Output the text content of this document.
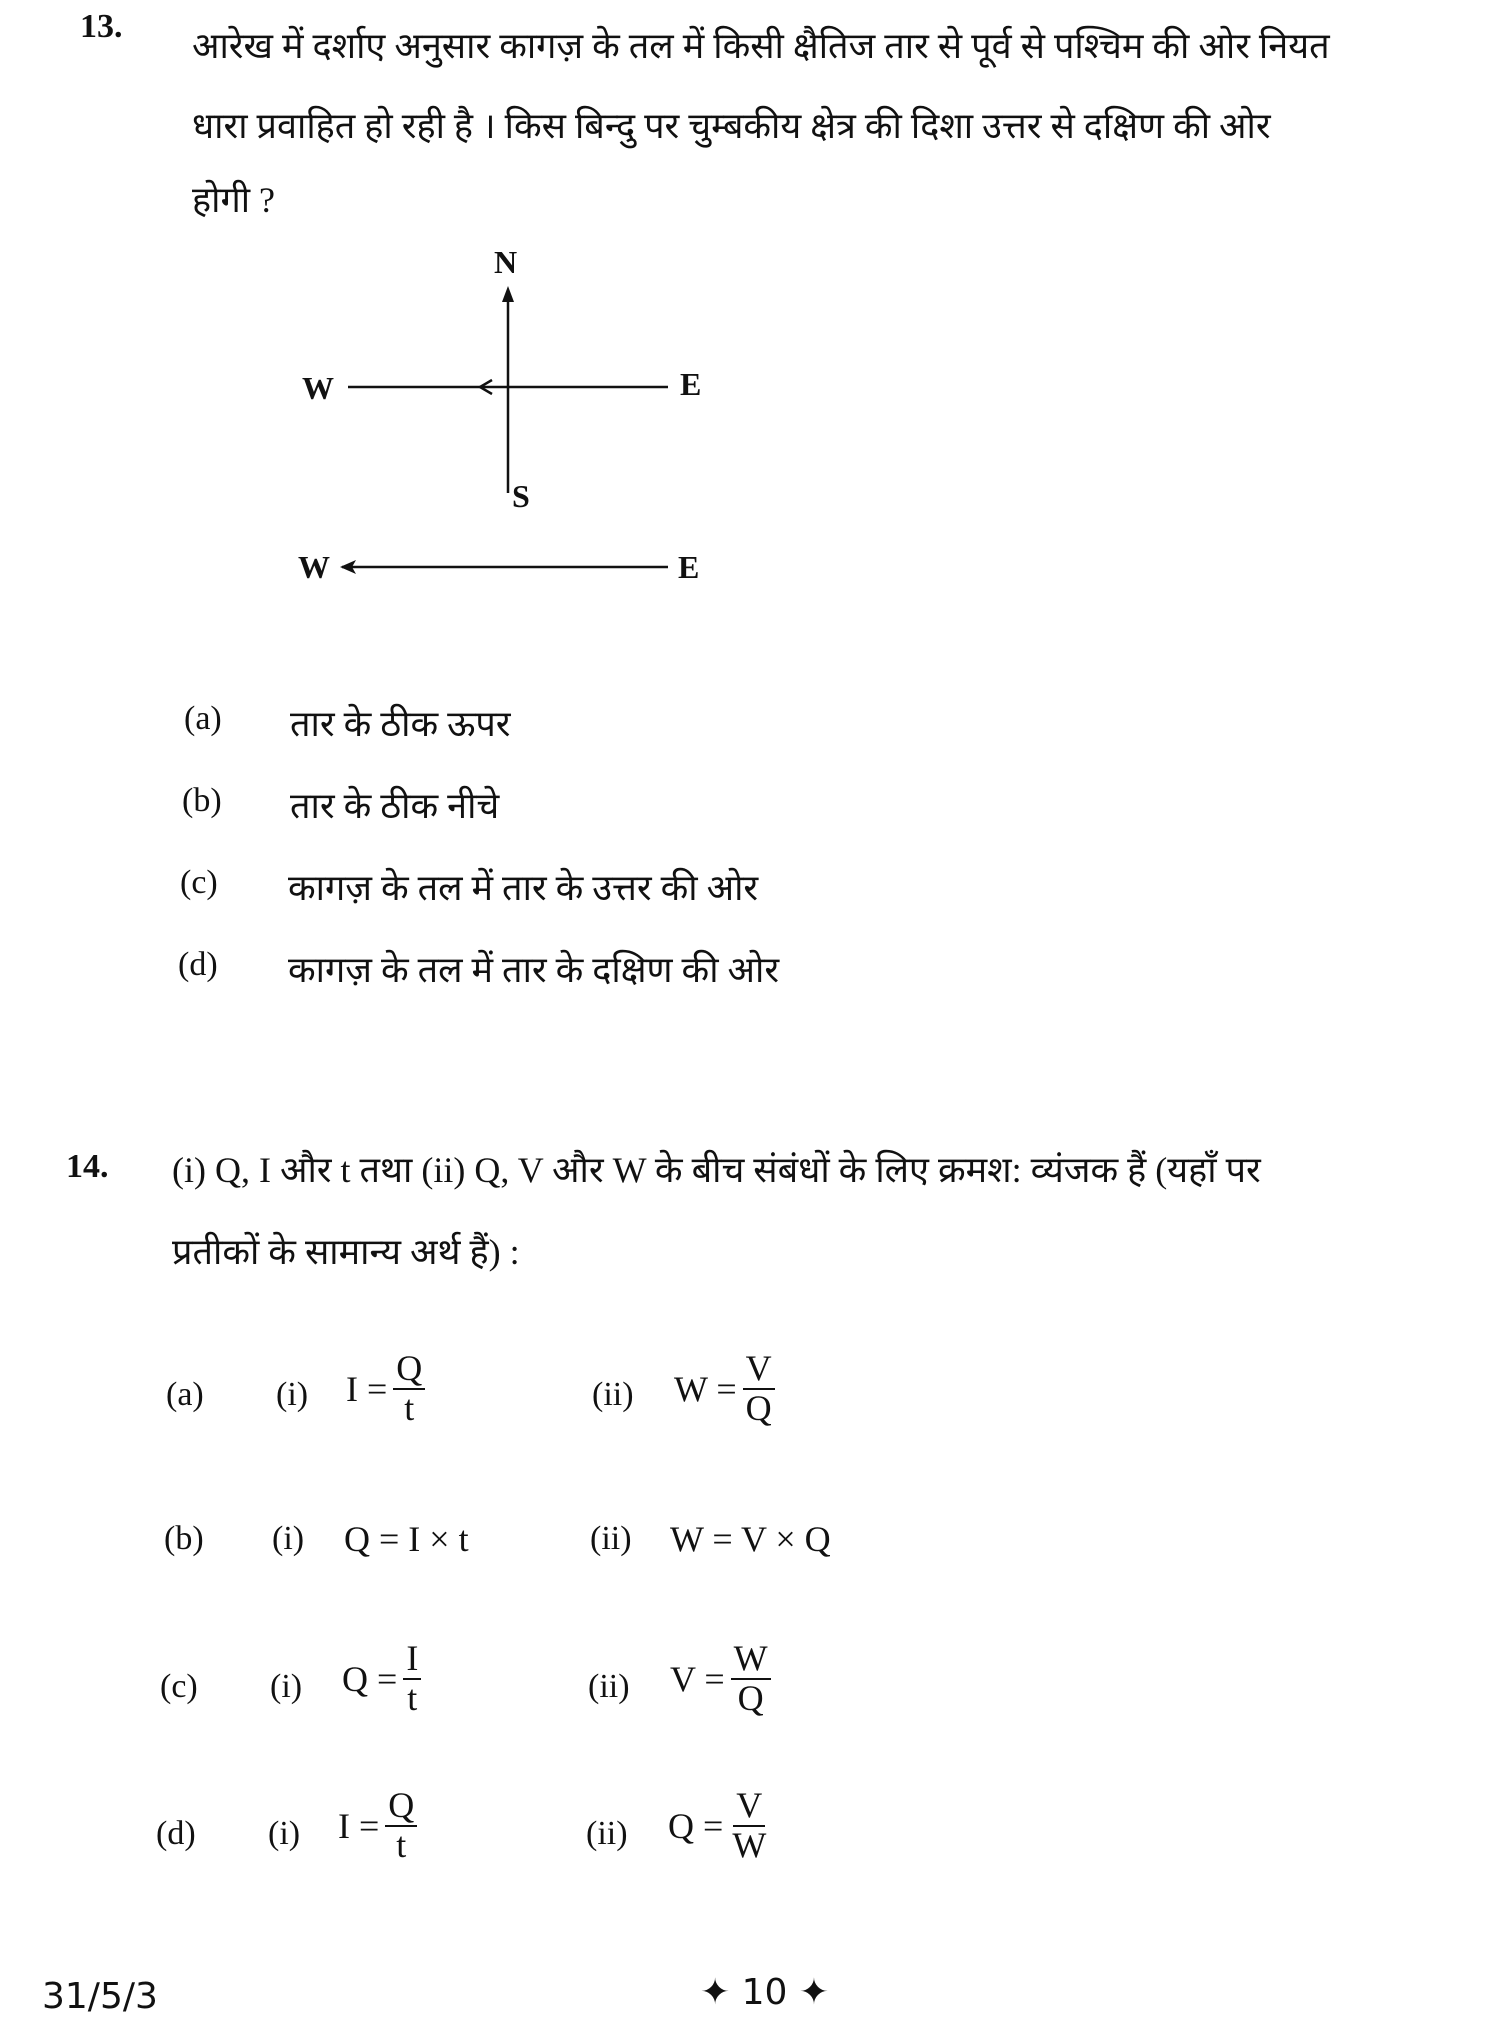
13. आरेख में दर्शाए अनुसार कागज़ के तल में किसी क्षैतिज तार से पूर्व से पश्चिम की ओर नियत
धारा प्रवाहित हो रही है । किस बिन्दु पर चुम्बकीय क्षेत्र की दिशा उत्तर से दक्षिण की ओर
होगी ?
N
S
W	E
W	E
(a) तार के ठीक ऊपर
(b) तार के ठीक नीचे
(c) कागज़ के तल में तार के उत्तर की ओर
(d) कागज़ के तल में तार के दक्षिण की ओर
14. (i) Q, I और t तथा (ii) Q, V और W के बीच संबंधों के लिए क्रमश: व्यंजक हैं (यहाँ पर
प्रतीकों के सामान्य अर्थ हैं) :
(a) (i) $I = \frac{Q}{t}$	(ii) $W = \frac{V}{Q}$
(b) (i) Q = I × t	(ii) W = V × Q
(c) (i) $Q = \frac{I}{t}$	(ii) $V = \frac{W}{Q}$
(d) (i) $I = \frac{Q}{t}$	(ii) $Q = \frac{V}{W}$
31/5/3	✦ 10 ✦
